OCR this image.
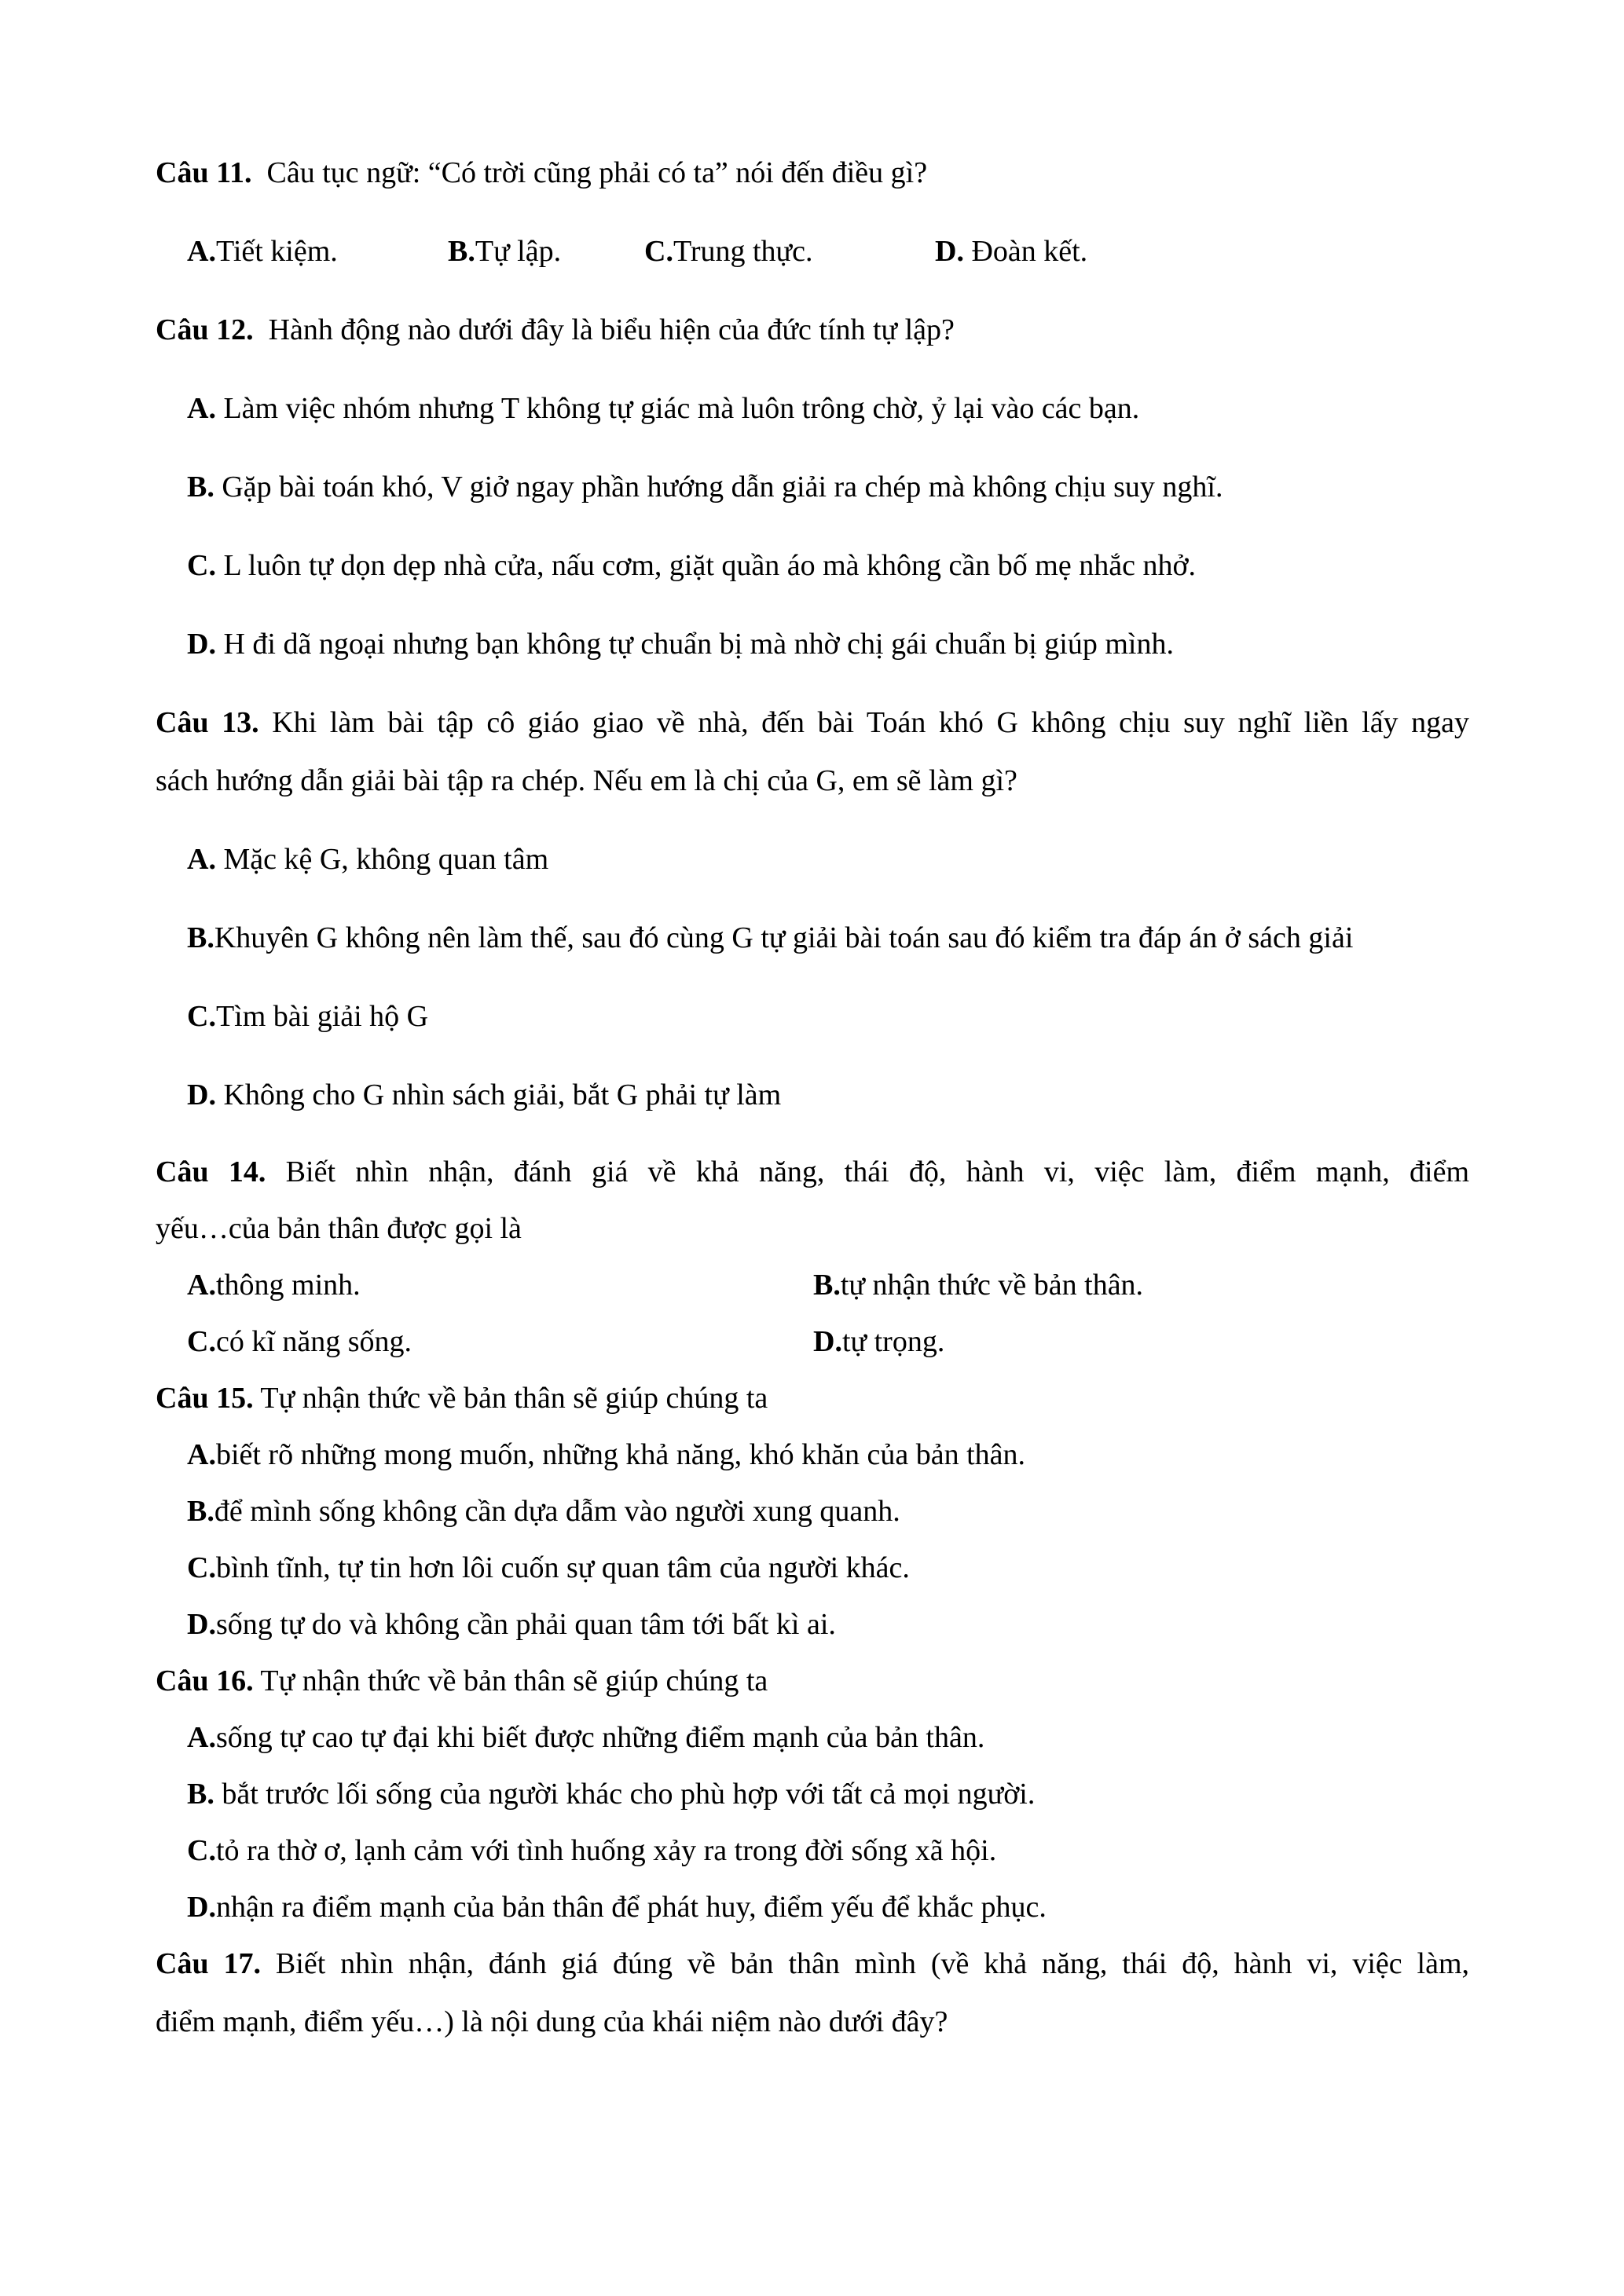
Câu 11. Câu tục ngữ: “Có trời cũng phải có ta” nói đến điều gì?
A.Tiết kiệm.	B.Tự lập.	C.Trung thực.	D. Đoàn kết.
Câu 12. Hành động nào dưới đây là biểu hiện của đức tính tự lập?
A. Làm việc nhóm nhưng T không tự giác mà luôn trông chờ, ỷ lại vào các bạn.
B. Gặp bài toán khó, V giở ngay phần hướng dẫn giải ra chép mà không chịu suy nghĩ.
C. L luôn tự dọn dẹp nhà cửa, nấu cơm, giặt quần áo mà không cần bố mẹ nhắc nhở.
D. H đi dã ngoại nhưng bạn không tự chuẩn bị mà nhờ chị gái chuẩn bị giúp mình.
Câu 13. Khi làm bài tập cô giáo giao về nhà, đến bài Toán khó G không chịu suy nghĩ liền lấy ngay
sách hướng dẫn giải bài tập ra chép. Nếu em là chị của G, em sẽ làm gì?
A. Mặc kệ G, không quan tâm
B.Khuyên G không nên làm thế, sau đó cùng G tự giải bài toán sau đó kiểm tra đáp án ở sách giải
C.Tìm bài giải hộ G
D. Không cho G nhìn sách giải, bắt G phải tự làm
Câu 14. Biết nhìn nhận, đánh giá về khả năng, thái độ, hành vi, việc làm, điểm mạnh, điểm
yếu…của bản thân được gọi là
A.thông minh.	B.tự nhận thức về bản thân.
C.có kĩ năng sống.	D.tự trọng.
Câu 15. Tự nhận thức về bản thân sẽ giúp chúng ta
A.biết rõ những mong muốn, những khả năng, khó khăn của bản thân.
B.để mình sống không cần dựa dẫm vào người xung quanh.
C.bình tĩnh, tự tin hơn lôi cuốn sự quan tâm của người khác.
D.sống tự do và không cần phải quan tâm tới bất kì ai.
Câu 16. Tự nhận thức về bản thân sẽ giúp chúng ta
A.sống tự cao tự đại khi biết được những điểm mạnh của bản thân.
B. bắt trước lối sống của người khác cho phù hợp với tất cả mọi người.
C.tỏ ra thờ ơ, lạnh cảm với tình huống xảy ra trong đời sống xã hội.
D.nhận ra điểm mạnh của bản thân để phát huy, điểm yếu để khắc phục.
Câu 17. Biết nhìn nhận, đánh giá đúng về bản thân mình (về khả năng, thái độ, hành vi, việc làm,
điểm mạnh, điểm yếu…) là nội dung của khái niệm nào dưới đây?
